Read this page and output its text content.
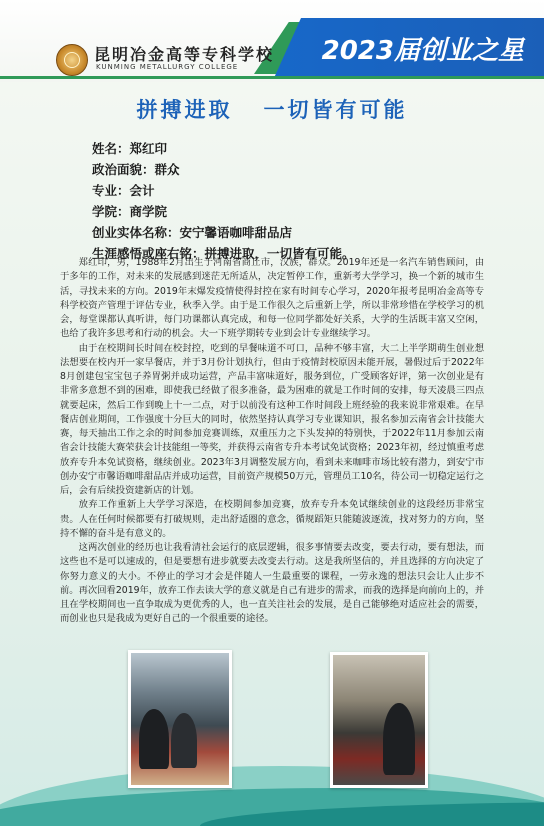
昆明冶金高等专科学校
KUNMING METALLURGY COLLEGE
2023届创业之星
拼搏进取   一切皆有可能
姓名：郑红印
政治面貌：群众
专业：会计
学院：商学院
创业实体名称：安宁馨语咖啡甜品店
生涯感悟或座右铭：拼搏进取，一切皆有可能。

郑红印，男，1988年2月出生于河南省商丘市，汉族，群众。2019年还是一名汽车销售顾问，由于多年的工作，对未来的发展感到迷茫无所适从，决定暂停工作，重新考大学学习，换一个新的城市生活，寻找未来的方向。2019年末爆发疫情使得封控在家有时间专心学习，2020年报考昆明冶金高等专科学校资产管理于评估专业，秋季入学。由于是工作很久之后重新上学，所以非常珍惜在学校学习的机会，每堂课都认真听讲，每门功课都认真完成，和每一位同学都处好关系，大学的生活既丰富又空闲，也给了我许多思考和行动的机会。大一下班学期转专业到会计专业继续学习。

由于在校期间长时间在校封控，吃到的早餐味道不可口，品种不够丰富，大二上半学期萌生创业想法想要在校内开一家早餐店，并于3月份计划执行，但由于疫情封校原因未能开展，暑假过后于2022年8月创建包宝宝包子养胃粥并成功运营，产品丰富味道好，服务到位，广受顾客好评，第一次创业是有非常多意想不到的困难，即使我已经做了很多准备，最为困难的就是工作时间的安排，每天凌晨三四点就要起床，然后工作到晚上十一二点，对于以前没有这种工作时间段上班经验的我来说非常艰难。在早餐店创业期间，工作强度十分巨大的同时，依然坚持认真学习专业课知识，报名参加云南省会计技能大赛，每天抽出工作之余的时间参加竞赛训练，双重压力之下头发掉的特别快，于2022年11月参加云南省会计技能大赛荣获会计技能组一等奖，并获得云南省专升本考试免试资格；2023年初，经过慎重考虑放弃专升本免试资格，继续创业。2023年3月调整发展方向，看到未来咖啡市场比较有潜力，到安宁市创办安宁市馨语咖啡甜品店并成功运营，目前资产规模50万元，管理员工10名，待公司一切稳定运行之后，会有后续投资建新店的计划。

放弃工作重新上大学学习深造，在校期间参加竞赛，放弃专升本免试继续创业的这段经历非常宝贵。人在任何时候都要有打破规则，走出舒适圈的意念，循规蹈矩只能随波逐流，找对努力的方向，坚持不懈的奋斗是有意义的。

这两次创业的经历也让我看清社会运行的底层逻辑，很多事情要去改变，要去行动，要有想法，而这些也不是可以速成的，但是要想有进步就要去改变去行动。这是我所坚信的，并且选择的方向决定了你努力意义的大小。不停止的学习才会是伴随人一生最重要的课程，一劳永逸的想法只会让人止步不前。再次回看2019年，放弃工作去读大学的意义就是自己有进步的需求，而我的选择是向前向上的，并且在学校期间也一直争取成为更优秀的人，也一直关注社会的发展，是自己能够绝对适应社会的需要，而创业也只是我成为更好自己的一个很重要的途径。
